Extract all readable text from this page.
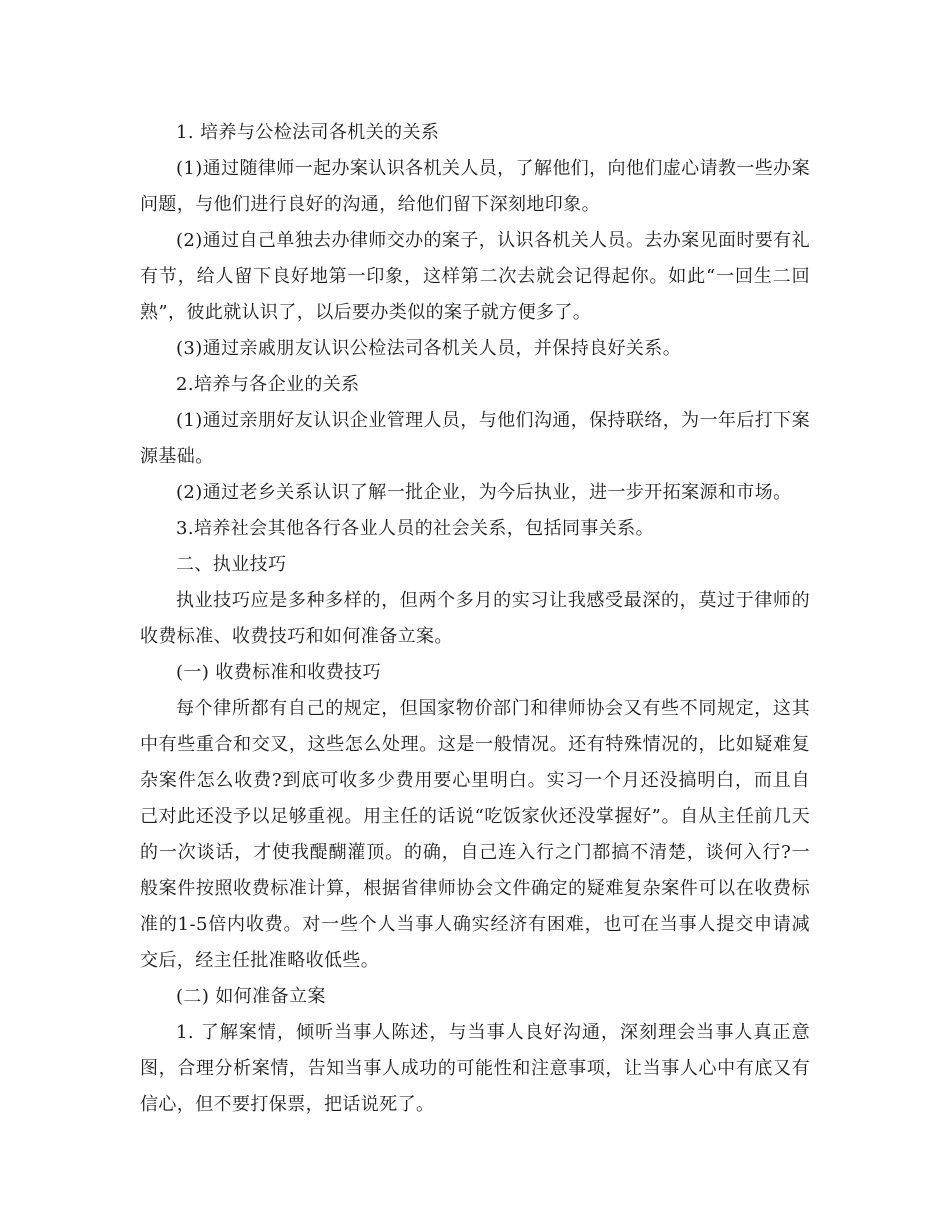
1. 培养与公检法司各机关的关系

(1)通过随律师一起办案认识各机关人员，了解他们，向他们虚心请教一些办案问题，与他们进行良好的沟通，给他们留下深刻地印象。

(2)通过自己单独去办律师交办的案子，认识各机关人员。去办案见面时要有礼有节，给人留下良好地第一印象，这样第二次去就会记得起你。如此“一回生二回熟”，彼此就认识了，以后要办类似的案子就方便多了。

(3)通过亲戚朋友认识公检法司各机关人员，并保持良好关系。

2.培养与各企业的关系

(1)通过亲朋好友认识企业管理人员，与他们沟通，保持联络，为一年后打下案源基础。

(2)通过老乡关系认识了解一批企业，为今后执业，进一步开拓案源和市场。

3.培养社会其他各行各业人员的社会关系，包括同事关系。

二、执业技巧

执业技巧应是多种多样的，但两个多月的实习让我感受最深的，莫过于律师的收费标准、收费技巧和如何准备立案。

(一) 收费标准和收费技巧

每个律所都有自己的规定，但国家物价部门和律师协会又有些不同规定，这其中有些重合和交叉，这些怎么处理。这是一般情况。还有特殊情况的，比如疑难复杂案件怎么收费?到底可收多少费用要心里明白。实习一个月还没搞明白，而且自己对此还没予以足够重视。用主任的话说“吃饭家伙还没掌握好”。自从主任前几天的一次谈话，才使我醍醐灌顶。的确，自己连入行之门都搞不清楚，谈何入行?一般案件按照收费标准计算，根据省律师协会文件确定的疑难复杂案件可以在收费标准的1-5倍内收费。对一些个人当事人确实经济有困难，也可在当事人提交申请减交后，经主任批准略收低些。

(二) 如何准备立案

1. 了解案情，倾听当事人陈述，与当事人良好沟通，深刻理会当事人真正意图，合理分析案情，告知当事人成功的可能性和注意事项，让当事人心中有底又有信心，但不要打保票，把话说死了。
